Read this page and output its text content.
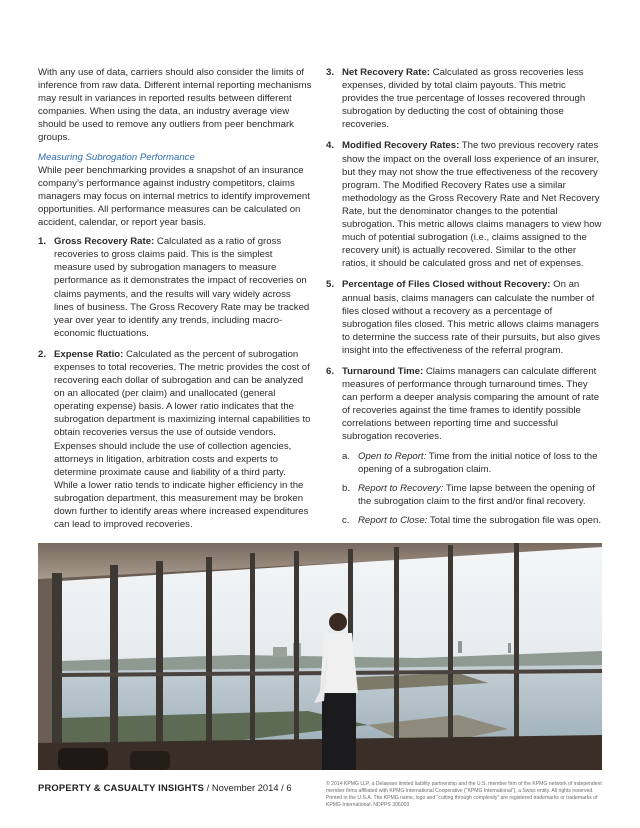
With any use of data, carriers should also consider the limits of inference from raw data. Different internal reporting mechanisms may result in variances in reported results between different companies. When using the data, an industry average view should be used to remove any outliers from peer benchmark groups.

Measuring Subrogation Performance

While peer benchmarking provides a snapshot of an insurance company’s performance against industry competitors, claims managers may focus on internal metrics to identify improvement opportunities. All performance measures can be calculated on accident, calendar, or report year basis.

1. Gross Recovery Rate: Calculated as a ratio of gross recoveries to gross claims paid. This is the simplest measure used by subrogation managers to measure performance as it demonstrates the impact of recoveries on claims payments, and the results will vary widely across lines of business. The Gross Recovery Rate may be tracked year over year to identify any trends, including macro-economic fluctuations.
2. Expense Ratio: Calculated as the percent of subrogation expenses to total recoveries. The metric provides the cost of recovering each dollar of subrogation and can be analyzed on an allocated (per claim) and unallocated (general operating expense) basis. A lower ratio indicates that the subrogation department is maximizing internal capabilities to obtain recoveries versus the use of outside vendors. Expenses should include the use of collection agencies, attorneys in litigation, arbitration costs and experts to determine proximate cause and liability of a third party. While a lower ratio tends to indicate higher efficiency in the subrogation department, this measurement may be broken down further to identify areas where increased expenditures can lead to improved recoveries.
3. Net Recovery Rate: Calculated as gross recoveries less expenses, divided by total claim payouts. This metric provides the true percentage of losses recovered through subrogation by deducting the cost of obtaining those recoveries.
4. Modified Recovery Rates: The two previous recovery rates show the impact on the overall loss experience of an insurer, but they may not show the true effectiveness of the recovery program. The Modified Recovery Rates use a similar methodology as the Gross Recovery Rate and Net Recovery Rate, but the denominator changes to the potential subrogation. This metric allows claims managers to view how much of potential subrogation (i.e., claims assigned to the recovery unit) is actually recovered. Similar to the other ratios, it should be calculated gross and net of expenses.
5. Percentage of Files Closed without Recovery: On an annual basis, claims managers can calculate the number of files closed without a recovery as a percentage of subrogation files closed. This metric allows claims managers to determine the success rate of their pursuits, but also gives insight into the effectiveness of the referral program.
6. Turnaround Time: Claims managers can calculate different measures of performance through turnaround times. They can perform a deeper analysis comparing the amount of rate of recoveries against the time frames to identify possible correlations between reporting time and successful subrogation recoveries.
a. Open to Report: Time from the initial notice of loss to the opening of a subrogation claim.
b. Report to Recovery: Time lapse between the opening of the subrogation claim to the first and/or final recovery.
c. Report to Close: Total time the subrogation file was open.
PROPERTY & CASUALTY INSIGHTS / November 2014 / 6	© 2014 KPMG LLP, a Delaware limited liability partnership and the U.S. member firm of the KPMG network of independent member firms affiliated with KPMG International Cooperative (“KPMG International”), a Swiss entity. All rights reserved. Printed in the U.S.A. The KPMG name, logo and “cutting through complexity” are registered trademarks or trademarks of KPMG International. NDPPS 306003
